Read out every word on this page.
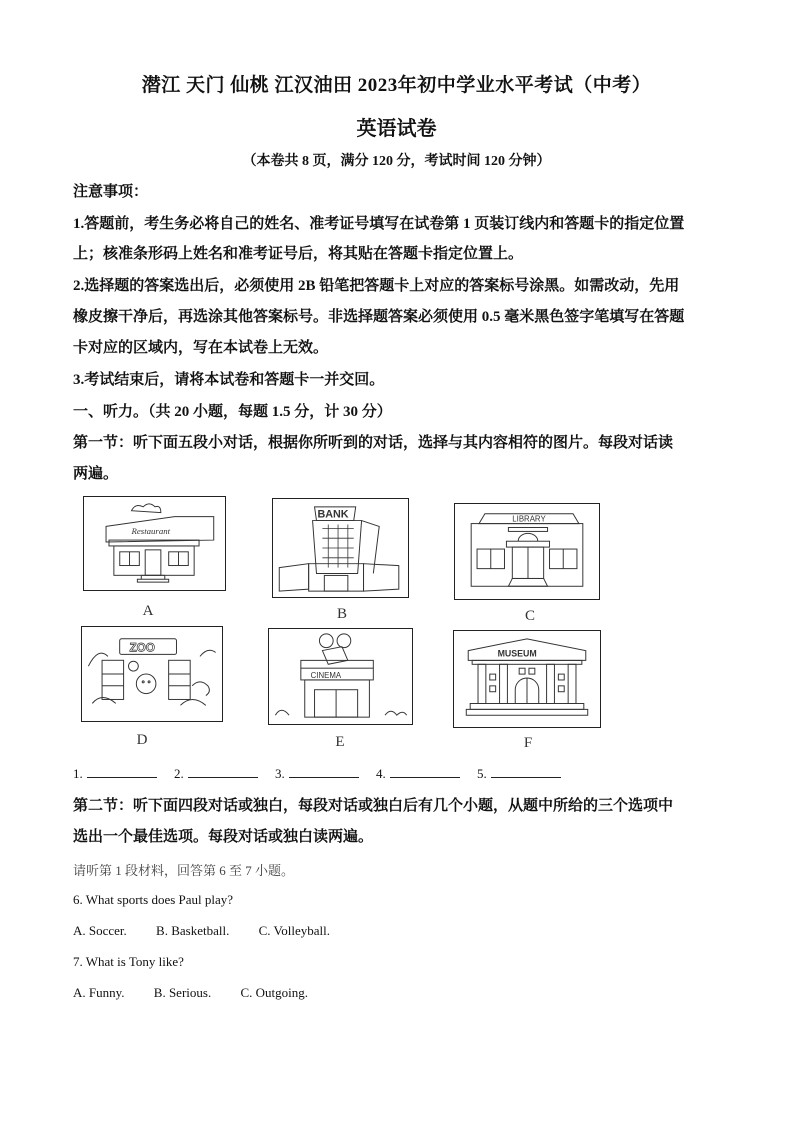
潜江 天门 仙桃 江汉油田 2023年初中学业水平考试（中考）
英语试卷
（本卷共 8 页，满分 120 分，考试时间 120 分钟）
注意事项：
1.答题前，考生务必将自己的姓名、准考证号填写在试卷第 1 页装订线内和答题卡的指定位置
上；核准条形码上姓名和准考证号后，将其贴在答题卡指定位置上。
2.选择题的答案选出后，必须使用 2B 铅笔把答题卡上对应的答案标号涂黑。如需改动，先用
橡皮擦干净后，再选涂其他答案标号。非选择题答案必须使用 0.5 毫米黑色签字笔填写在答题
卡对应的区域内，写在本试卷上无效。
3.考试结束后，请将本试卷和答题卡一并交回。
一、听力。（共 20 小题，每题 1.5 分，计 30 分）
第一节：听下面五段小对话，根据你所听到的对话，选择与其内容相符的图片。每段对话读
两遍。
Restaurant
A
BANK
B
LIBRARY
C
ZOO
D
CINEMA
E
MUSEUM
F
1.	2.	3.	4.	5.
第二节：听下面四段对话或独白，每段对话或独白后有几个小题，从题中所给的三个选项中
选出一个最佳选项。每段对话或独白读两遍。
请听第 1 段材料，回答第 6 至 7 小题。
6. What sports does Paul play?
A. Soccer. B. Basketball. C. Volleyball.
7. What is Tony like?
A. Funny. B. Serious. C. Outgoing.
